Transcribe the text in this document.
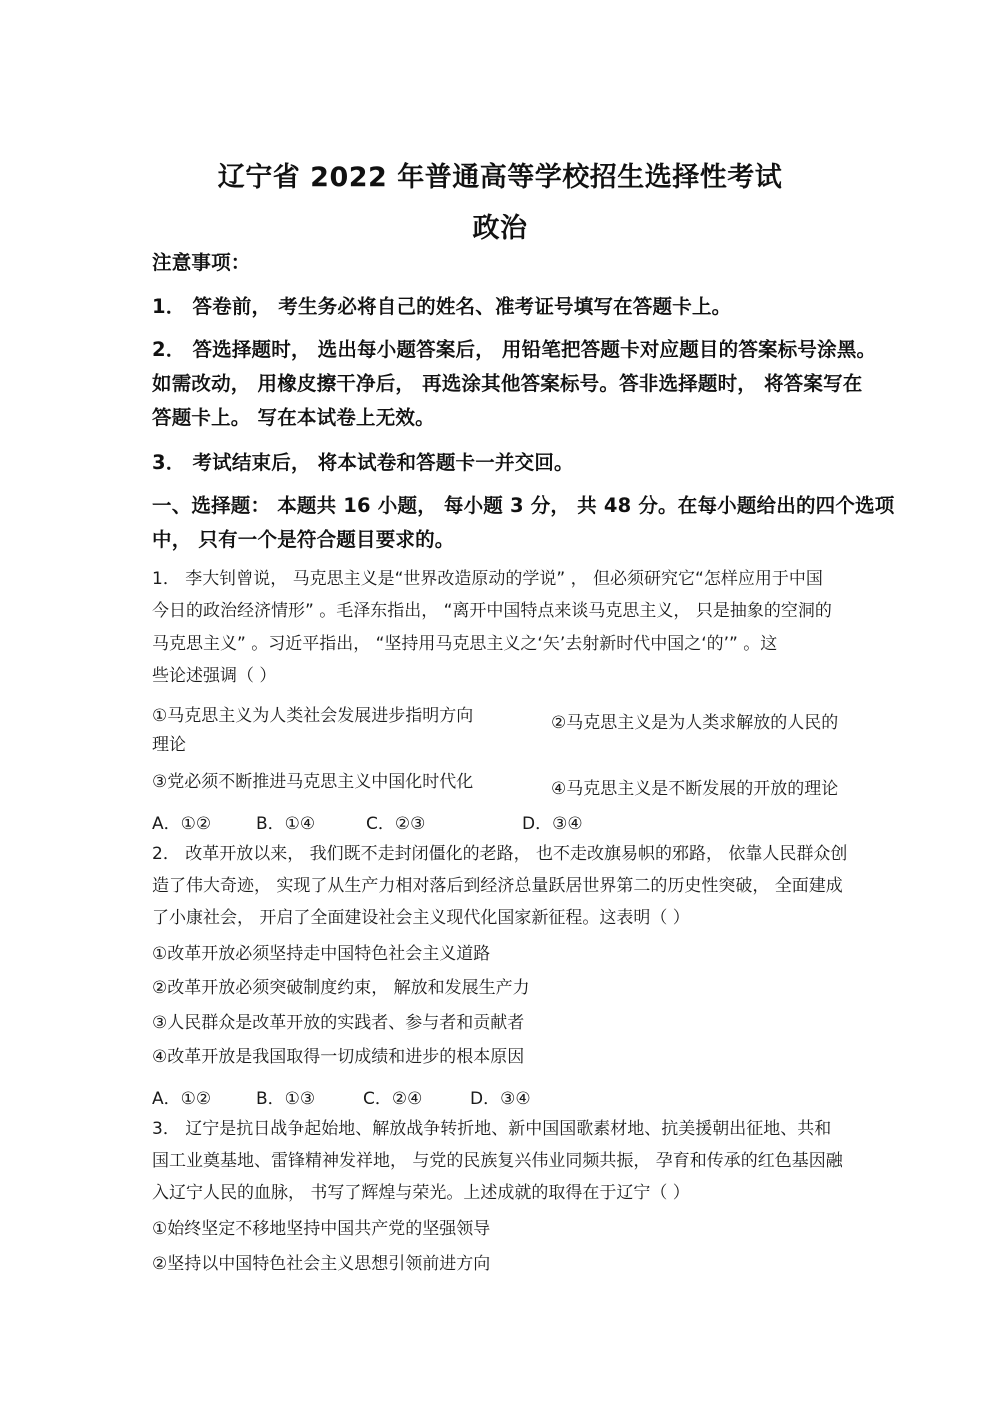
辽宁省 2022 年普通高等学校招生选择性考试
政治
注意事项：
1． 答卷前， 考生务必将自己的姓名、准考证号填写在答题卡上。
2． 答选择题时， 选出每小题答案后， 用铅笔把答题卡对应题目的答案标号涂黑。
如需改动， 用橡皮擦干净后， 再选涂其他答案标号。答非选择题时， 将答案写在
答题卡上。 写在本试卷上无效。
3． 考试结束后， 将本试卷和答题卡一并交回。
一、选择题： 本题共 16 小题， 每小题 3 分， 共 48 分。在每小题给出的四个选项
中， 只有一个是符合题目要求的。
1． 李大钊曾说， 马克思主义是“世界改造原动的学说” ， 但必须研究它“怎样应用于中国
今日的政治经济情形” 。毛泽东指出， “离开中国特点来谈马克思主义， 只是抽象的空洞的
马克思主义” 。习近平指出， “坚持用马克思主义之‘矢’去射新时代中国之‘的’” 。这
些论述强调（ ）
①马克思主义为人类社会发展进步指明方向	②马克思主义是为人类求解放的人民的
理论
③党必须不断推进马克思主义中国化时代化	④马克思主义是不断发展的开放的理论
A．①②	B．①④	C．②③	D．③④
2． 改革开放以来， 我们既不走封闭僵化的老路， 也不走改旗易帜的邪路， 依靠人民群众创
造了伟大奇迹， 实现了从生产力相对落后到经济总量跃居世界第二的历史性突破， 全面建成
了小康社会， 开启了全面建设社会主义现代化国家新征程。这表明（ ）
①改革开放必须坚持走中国特色社会主义道路
②改革开放必须突破制度约束， 解放和发展生产力
③人民群众是改革开放的实践者、参与者和贡献者
④改革开放是我国取得一切成绩和进步的根本原因
A．①②	B．①③	C．②④	D．③④
3． 辽宁是抗日战争起始地、解放战争转折地、新中国国歌素材地、抗美援朝出征地、共和
国工业奠基地、雷锋精神发祥地， 与党的民族复兴伟业同频共振， 孕育和传承的红色基因融
入辽宁人民的血脉， 书写了辉煌与荣光。上述成就的取得在于辽宁（ ）
①始终坚定不移地坚持中国共产党的坚强领导
②坚持以中国特色社会主义思想引领前进方向
